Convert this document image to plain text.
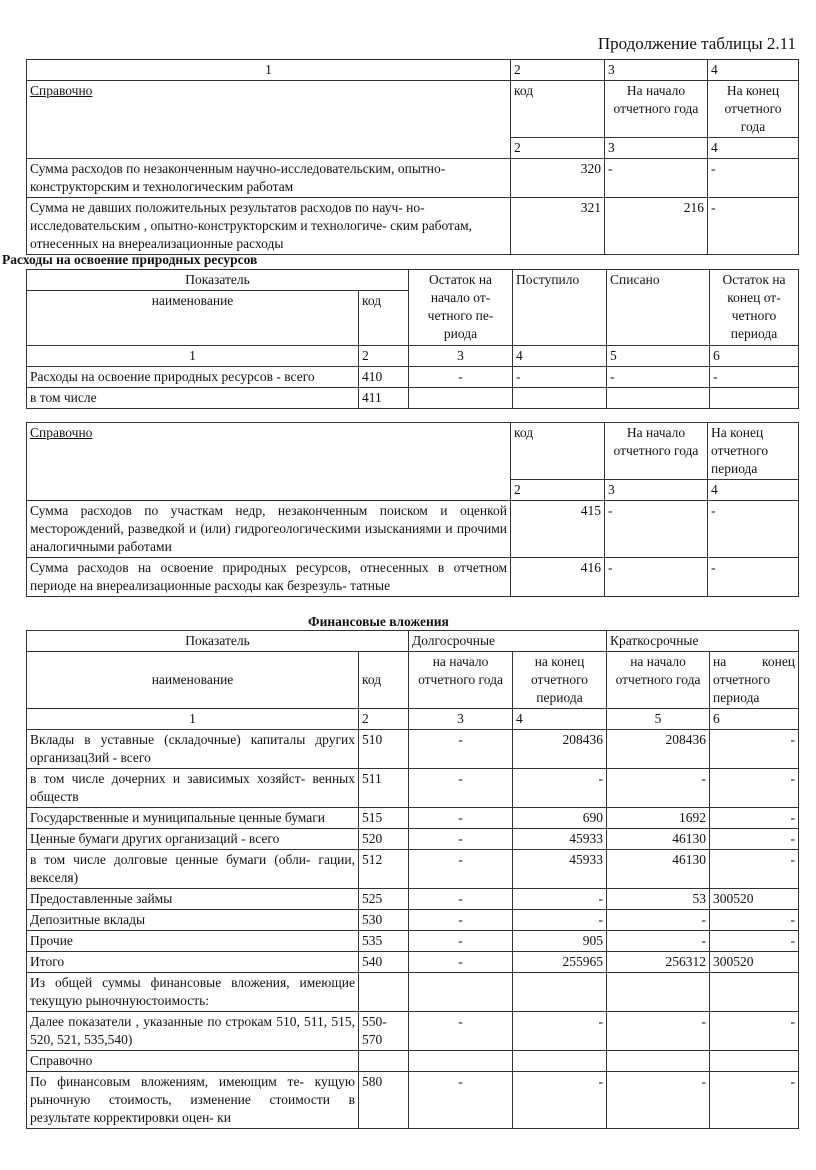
Продолжение таблицы 2.11
1	2	3	4
Справочно	код	На начало отчетного года	На конец отчетного года
	2	3	4
Сумма расходов по незаконченным научно-исследовательским, опытно-конструкторским и технологическим работам	320	-	-
Сумма не давших положительных результатов расходов по науч- но-исследовательским , опытно-конструкторским и технологиче- ским работам, отнесенных на внереализационные расходы	321	216	-
Расходы на освоение природных ресурсов
Показатель		Остаток на начало от- четного пе- риода	Поступило	Списано	Остаток на конец от- четного периода
наименование	код				
1	2	3	4	5	6
Расходы на освоение природных ресурсов - всего	410	-	-	-	-
в том числе	411				
Справочно	код	На начало отчетного года	На конец отчетного периода
	2	3	4
Сумма расходов по участкам недр, незаконченным поиском и оценкой месторождений, разведкой и (или) гидрогеологическими изысканиями и прочими аналогичными работами	415	-	-
Сумма расходов на освоение природных ресурсов, отнесенных в отчетном периоде на внереализационные расходы как безрезуль- татные	416	-	-
Финансовые вложения
Показатель		Долгосрочные		Краткосрочные	
наименование	код	на начало отчетного года	на конец отчетного периода	на начало отчетного года	на конец отчетного периода
1	2	3	4	5	6
Вклады в уставные (складочные) капиталы других организац3ий - всего	510	-	208436	208436	-
в том числе дочерних и зависимых хозяйст- венных обществ	511	-	-	-	-
Государственные и муниципальные ценные бумаги	515	-	690	1692	-
Ценные бумаги других организаций - всего	520	-	45933	46130	-
в том числе долговые ценные бумаги (обли- гации, векселя)	512	-	45933	46130	-
Предоставленные займы	525	-	-	53	300520
Депозитные вклады	530	-	-	-	-
Прочие	535	-	905	-	-
Итого	540	-	255965	256312	300520
Из общей суммы финансовые вложения, имеющие текущую рыночнуюстоимость:					
Далее показатели , указанные по строкам 510, 511, 515, 520, 521, 535,540)	550- 570	-	-	-	-
Справочно					
По финансовым вложениям, имеющим те- кущую рыночную стоимость, изменение стоимости в результате корректировки оцен- ки	580	-	-	-	-
